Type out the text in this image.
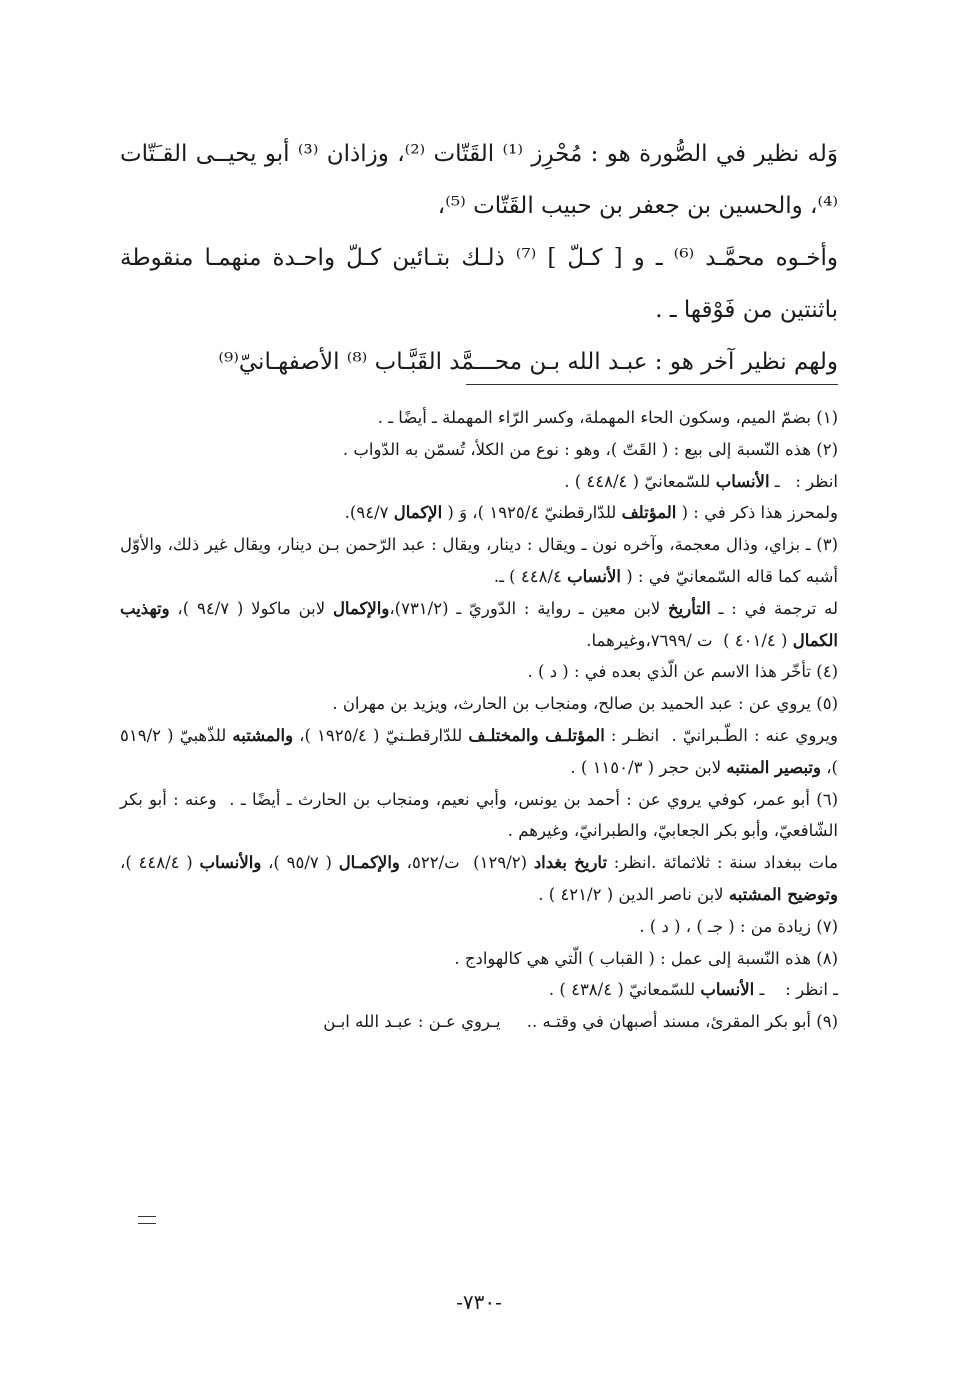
وَله نظير في الصُّورة هو : مُحْرِز ⁽¹⁾ القَتّات ⁽²⁾، وزاذان ⁽³⁾ أبو يحيــى القـَتّات ⁽⁴⁾، والحسين بن جعفر بن حبيب القَتّات ⁽⁵⁾،

وأخـوه محمَّـد ⁽⁶⁾ ـ و [ كـلّ ] ⁽⁷⁾ ذلـك بتـائين كـلّ واحـدة منهمـا منقوطة باثنتين من فَوْقها ـ .

ولهم نظير آخر هو : عبـد الله بـن محـــمَّد القَبَّـاب ⁽⁸⁾ الأصفهـانيّ⁽⁹⁾

(١) بضمّ الميم، وسكون الحاء المهملة، وكسر الرّاء المهملة ـ أيضًا ـ .

(٢) هذه النّسبة إلى بيع : ( القَتّ )، وهو : نوع من الكلأ، تُسمّن به الدّواب .

انظر :   ـ الأنساب للسّمعانيّ ( ٤٤٨/٤ ) .

ولمحرز هذا ذكر في : ( المؤتلف للدّارقطنيّ ١٩٢٥/٤ )، وَ ( الإكمال ٩٤/٧).

(٣) ـ بزاي، وذال معجمة، وآخره نون ـ ويقال : دينار، ويقال : عبد الرّحمن بـن دينار، ويقال غير ذلك، والأوّل أشبه كما قاله السّمعانيّ في : ( الأنساب ٤٤٨/٤ ) ـ.

له ترجمة في : ـ التأريخ لابن معين ـ رواية : الدّوريّ ـ (٧٣١/٢)،والإكمال لابن ماكولا ( ٩٤/٧ )، وتهذيب الكمال ( ٤٠١/٤ )  ت /٧٦٩٩،وغيرهما.

(٤) تأخّر هذا الاسم عن الّذي بعده في : ( د ) .

(٥) يروي عن : عبد الحميد بن صالح، ومنجاب بن الحارث، ويزيد بن مهران .

ويروي عنه : الطّـبرانيّ .  انظـر : المؤتلـف والمختلـف للدّارقطـنيّ ( ١٩٢٥/٤ )، والمشتبه للذّهبيّ ( ٥١٩/٢ )، وتبصير المنتبه لابن حجر ( ١١٥٠/٣ ) .

(٦) أبو عمر، كوفي يروي عن : أحمد بن يونس، وأبي نعيم، ومنجاب بن الحارث ـ أيضًا ـ .  وعنه : أبو بكر الشّافعيّ، وأبو بكر الجعابيّ، والطبرانيّ، وغيرهم .

مات ببغداد سنة : ثلاثمائة .انظر: تاريخ بغداد (١٢٩/٢)  ت/٥٢٢، والإكمـال ( ٩٥/٧ )، والأنساب ( ٤٤٨/٤ )، وتوضيح المشتبه لابن ناصر الدين ( ٤٢١/٢ ) .

(٧) زيادة من : ( جـ ) ، ( د ) .

(٨) هذه النّسبة إلى عمل : ( القباب ) الّتي هي كالهوادج .

ـ انظر :    ـ الأنساب للسّمعانيّ ( ٤٣٨/٤ ) .

(٩) أبو بكر المقرئ، مسند أصبهان في وقتـه ..     يـروي عـن : عبـد الله ابـن

-٧٣٠-
